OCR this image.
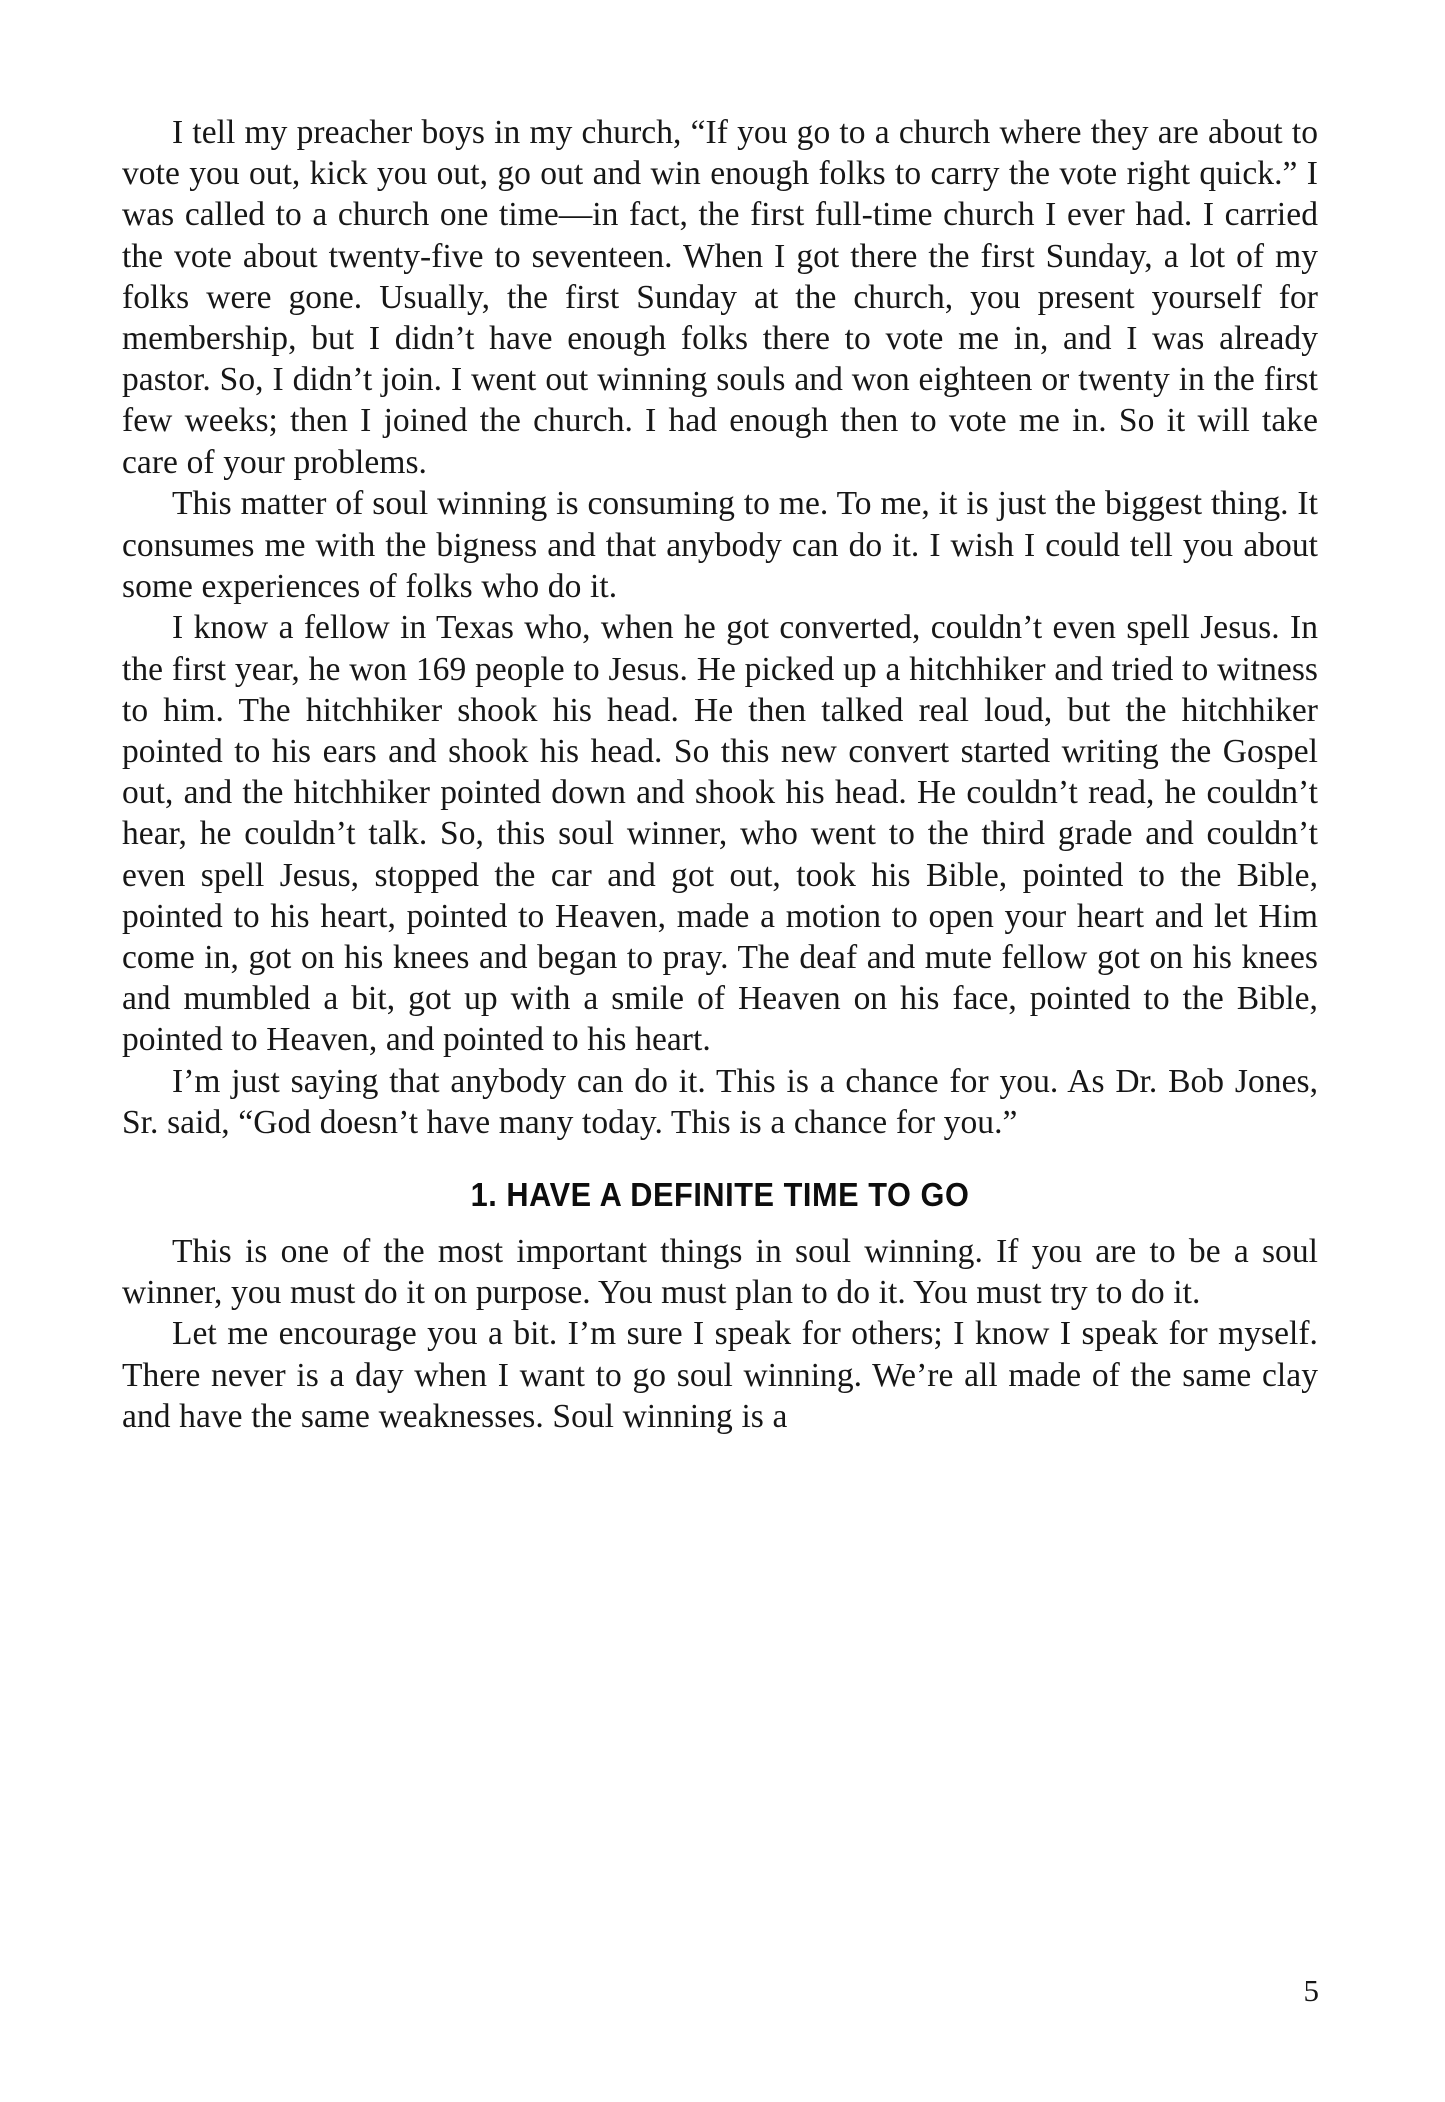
I tell my preacher boys in my church, “If you go to a church where they are about to vote you out, kick you out, go out and win enough folks to carry the vote right quick.” I was called to a church one time—in fact, the first full-time church I ever had. I carried the vote about twenty-five to seventeen. When I got there the first Sunday, a lot of my folks were gone. Usually, the first Sunday at the church, you present yourself for membership, but I didn’t have enough folks there to vote me in, and I was already pastor. So, I didn’t join. I went out winning souls and won eighteen or twenty in the first few weeks; then I joined the church. I had enough then to vote me in. So it will take care of your problems.

This matter of soul winning is consuming to me. To me, it is just the biggest thing. It consumes me with the bigness and that anybody can do it. I wish I could tell you about some experiences of folks who do it.

I know a fellow in Texas who, when he got converted, couldn’t even spell Jesus. In the first year, he won 169 people to Jesus. He picked up a hitchhiker and tried to witness to him. The hitchhiker shook his head. He then talked real loud, but the hitchhiker pointed to his ears and shook his head. So this new convert started writing the Gospel out, and the hitchhiker pointed down and shook his head. He couldn’t read, he couldn’t hear, he couldn’t talk. So, this soul winner, who went to the third grade and couldn’t even spell Jesus, stopped the car and got out, took his Bible, pointed to the Bible, pointed to his heart, pointed to Heaven, made a motion to open your heart and let Him come in, got on his knees and began to pray. The deaf and mute fellow got on his knees and mumbled a bit, got up with a smile of Heaven on his face, pointed to the Bible, pointed to Heaven, and pointed to his heart.

I’m just saying that anybody can do it. This is a chance for you. As Dr. Bob Jones, Sr. said, “God doesn’t have many today. This is a chance for you.”

1. HAVE A DEFINITE TIME TO GO

This is one of the most important things in soul winning. If you are to be a soul winner, you must do it on purpose. You must plan to do it. You must try to do it.

Let me encourage you a bit. I’m sure I speak for others; I know I speak for myself. There never is a day when I want to go soul winning. We’re all made of the same clay and have the same weaknesses. Soul winning is a

5
